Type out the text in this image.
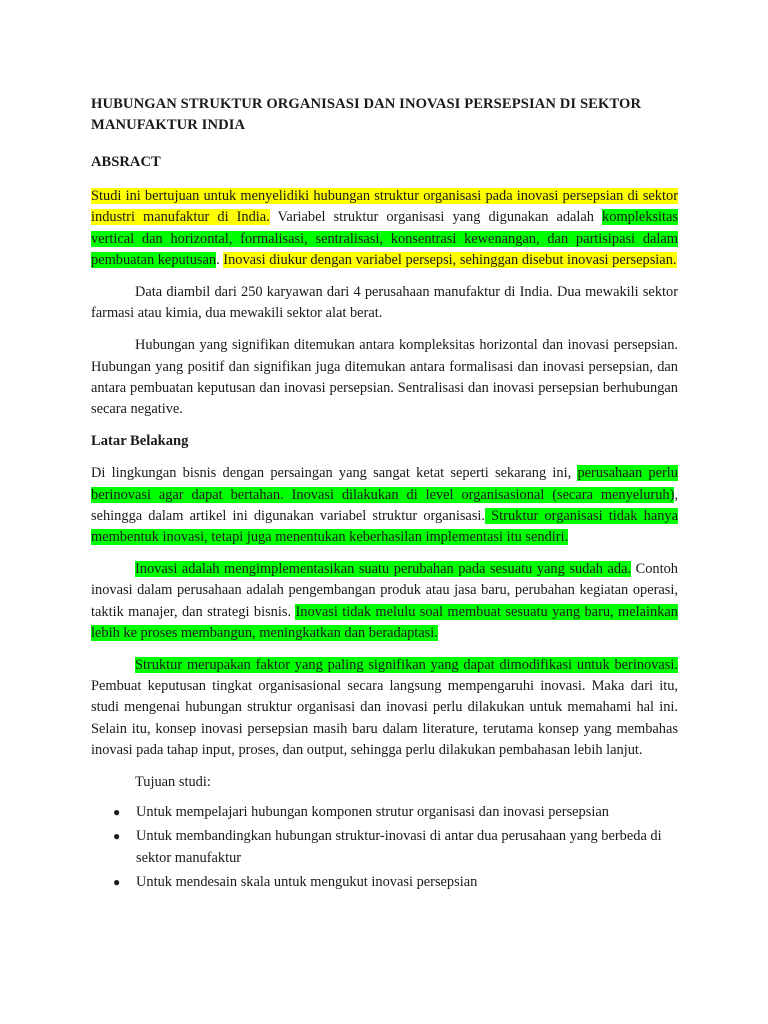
HUBUNGAN STRUKTUR ORGANISASI DAN INOVASI PERSEPSIAN DI SEKTOR MANUFAKTUR INDIA
ABSRACT

Studi ini bertujuan untuk menyelidiki hubungan struktur organisasi pada inovasi persepsian di sektor industri manufaktur di India. Variabel struktur organisasi yang digunakan adalah kompleksitas vertical dan horizontal, formalisasi, sentralisasi, konsentrasi kewenangan, dan partisipasi dalam pembuatan keputusan. Inovasi diukur dengan variabel persepsi, sehinggan disebut inovasi persepsian.

Data diambil dari 250 karyawan dari 4 perusahaan manufaktur di India. Dua mewakili sektor farmasi atau kimia, dua mewakili sektor alat berat.

Hubungan yang signifikan ditemukan antara kompleksitas horizontal dan inovasi persepsian. Hubungan yang positif dan signifikan juga ditemukan antara formalisasi dan inovasi persepsian, dan antara pembuatan keputusan dan inovasi persepsian. Sentralisasi dan inovasi persepsian berhubungan secara negative.

Latar Belakang

Di lingkungan bisnis dengan persaingan yang sangat ketat seperti sekarang ini, perusahaan perlu berinovasi agar dapat bertahan. Inovasi dilakukan di level organisasional (secara menyeluruh), sehingga dalam artikel ini digunakan variabel struktur organisasi. Struktur organisasi tidak hanya membentuk inovasi, tetapi juga menentukan keberhasilan implementasi itu sendiri.

Inovasi adalah mengimplementasikan suatu perubahan pada sesuatu yang sudah ada. Contoh inovasi dalam perusahaan adalah pengembangan produk atau jasa baru, perubahan kegiatan operasi, taktik manajer, dan strategi bisnis. Inovasi tidak melulu soal membuat sesuatu yang baru, melainkan lebih ke proses membangun, meningkatkan dan beradaptasi.

Struktur merupakan faktor yang paling signifikan yang dapat dimodifikasi untuk berinovasi. Pembuat keputusan tingkat organisasional secara langsung mempengaruhi inovasi. Maka dari itu, studi mengenai hubungan struktur organisasi dan inovasi perlu dilakukan untuk memahami hal ini. Selain itu, konsep inovasi persepsian masih baru dalam literature, terutama konsep yang membahas inovasi pada tahap input, proses, dan output, sehingga perlu dilakukan pembahasan lebih lanjut.

Tujuan studi:

● Untuk mempelajari hubungan komponen strutur organisasi dan inovasi persepsian
● Untuk membandingkan hubungan struktur-inovasi di antar dua perusahaan yang berbeda di sektor manufaktur
● Untuk mendesain skala untuk mengukut inovasi persepsian
